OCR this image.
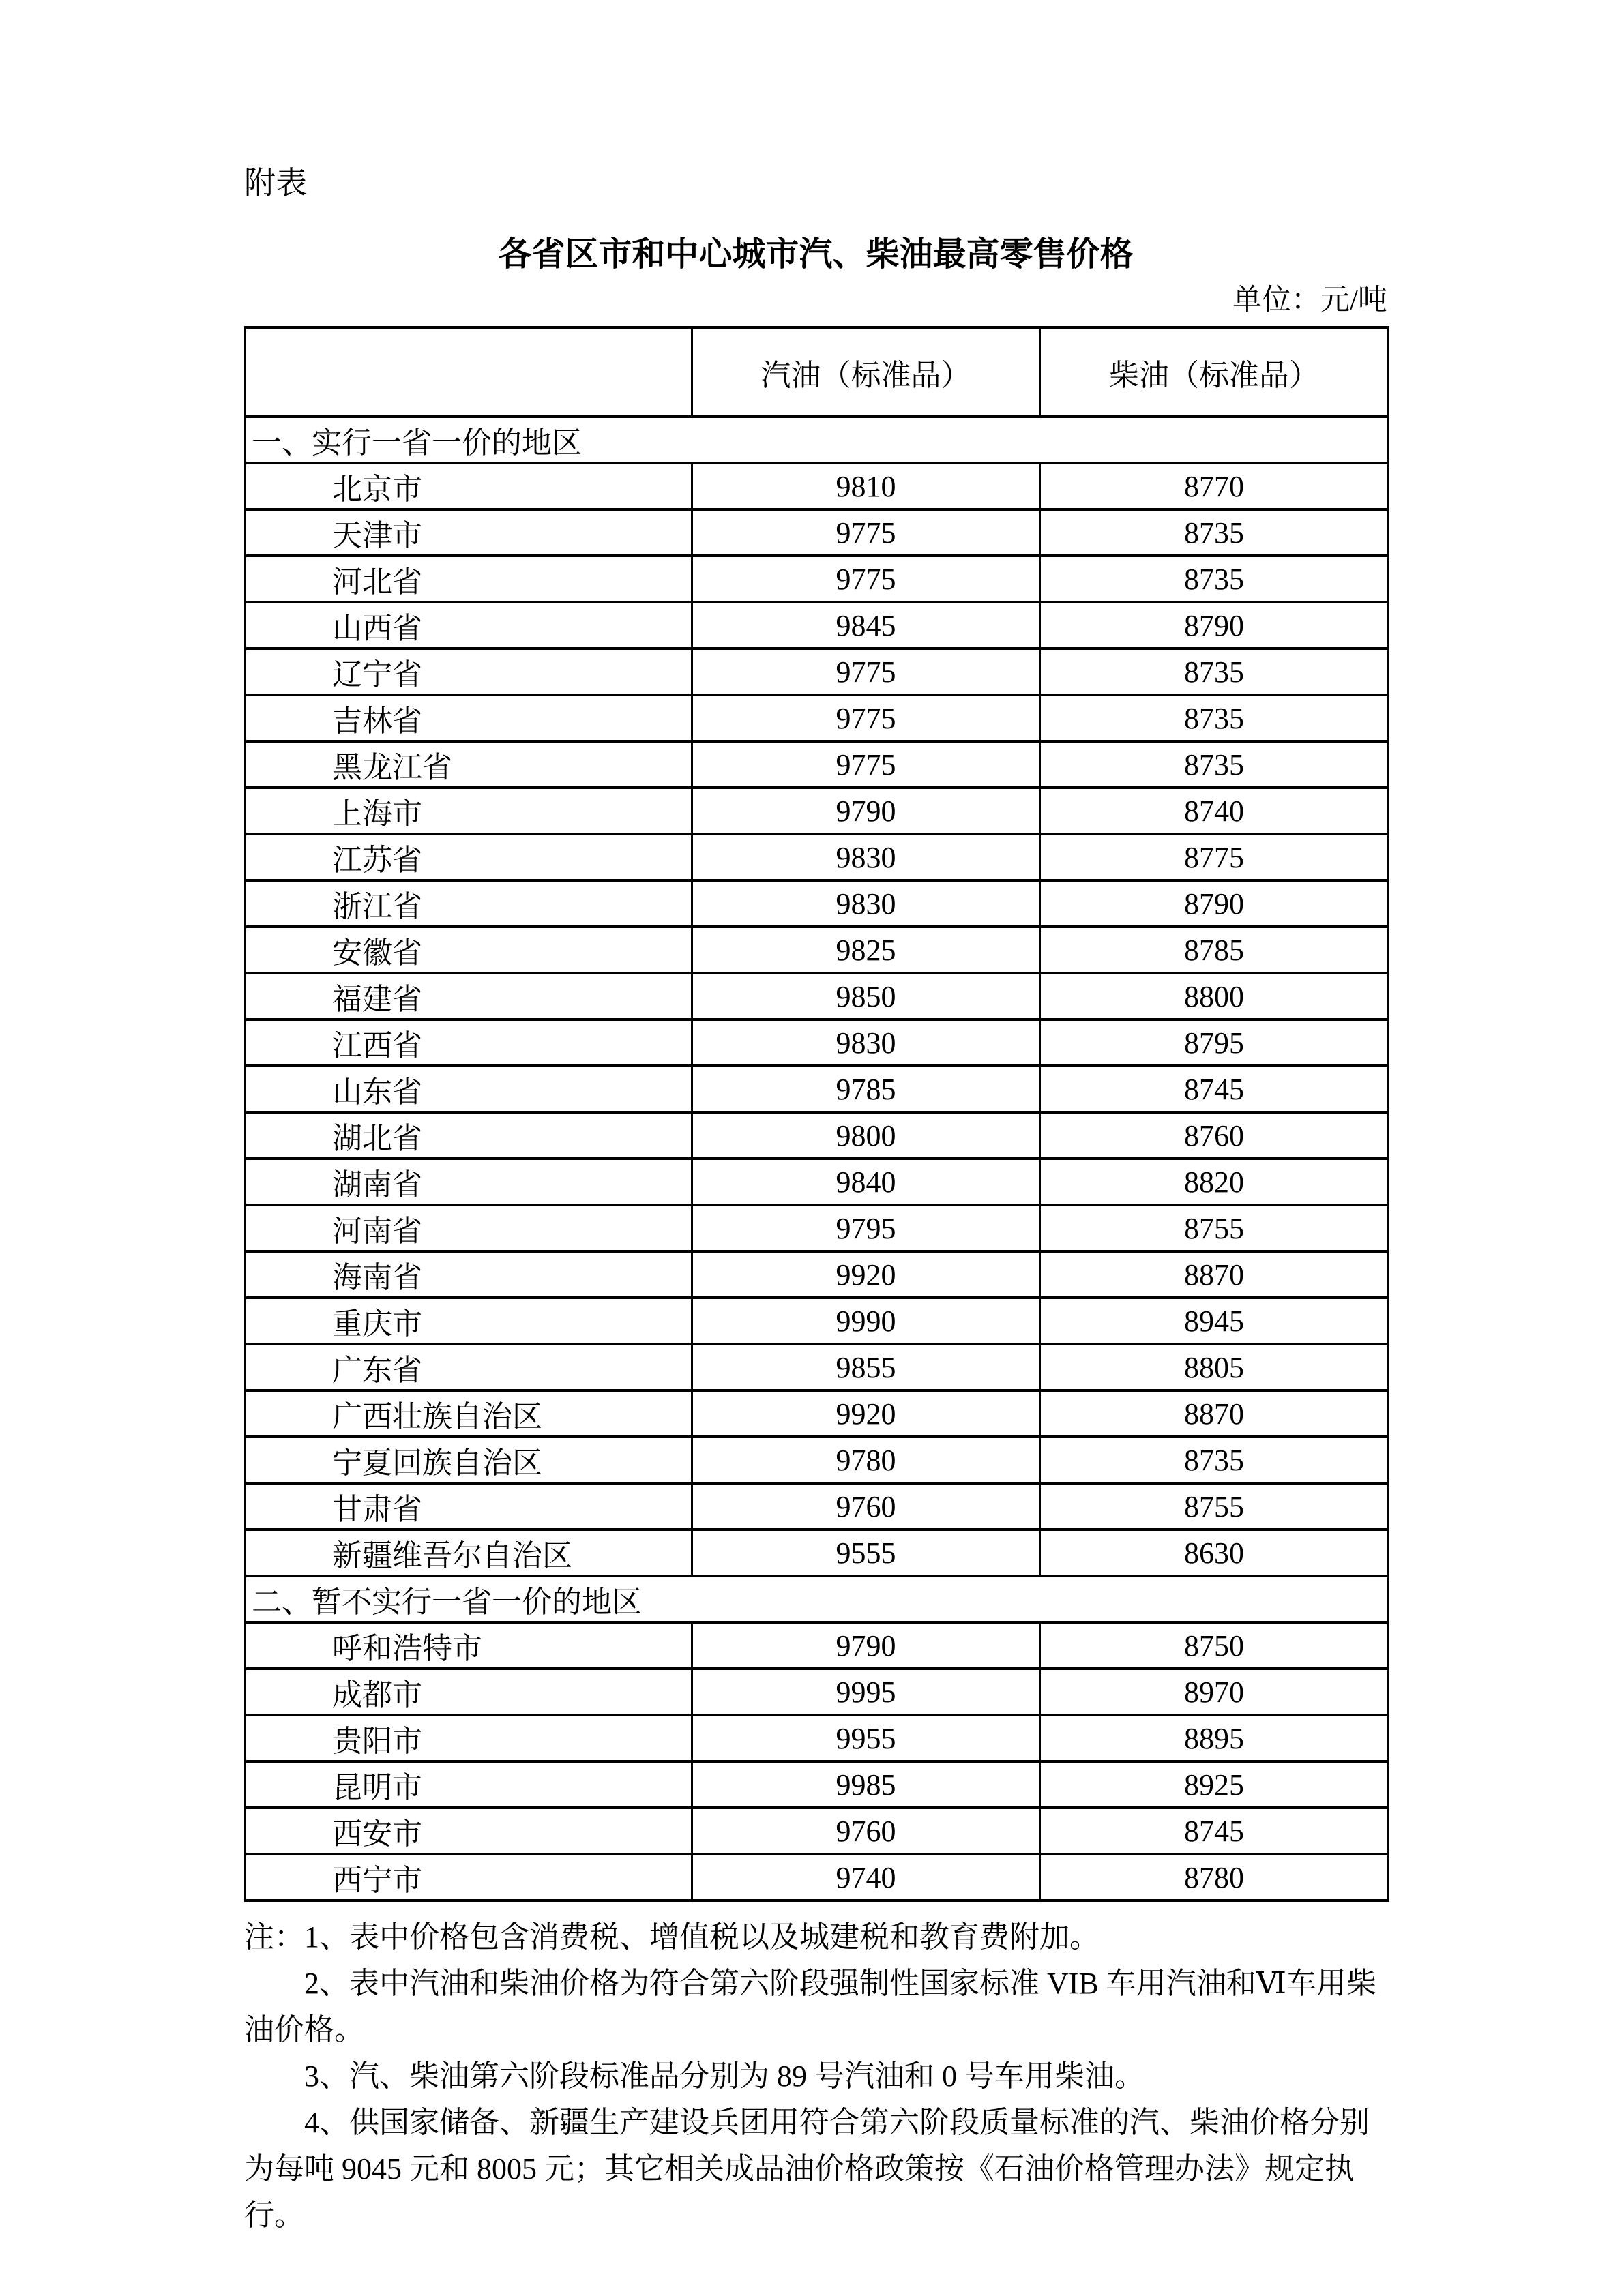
附表
各省区市和中心城市汽、柴油最高零售价格
单位：元/吨
	汽油（标准品）	柴油（标准品）
一、实行一省一价的地区		
北京市	9810	8770
天津市	9775	8735
河北省	9775	8735
山西省	9845	8790
辽宁省	9775	8735
吉林省	9775	8735
黑龙江省	9775	8735
上海市	9790	8740
江苏省	9830	8775
浙江省	9830	8790
安徽省	9825	8785
福建省	9850	8800
江西省	9830	8795
山东省	9785	8745
湖北省	9800	8760
湖南省	9840	8820
河南省	9795	8755
海南省	9920	8870
重庆市	9990	8945
广东省	9855	8805
广西壮族自治区	9920	8870
宁夏回族自治区	9780	8735
甘肃省	9760	8755
新疆维吾尔自治区	9555	8630
二、暂不实行一省一价的地区		
呼和浩特市	9790	8750
成都市	9995	8970
贵阳市	9955	8895
昆明市	9985	8925
西安市	9760	8745
西宁市	9740	8780

注：1、表中价格包含消费税、增值税以及城建税和教育费附加。

2、表中汽油和柴油价格为符合第六阶段强制性国家标准 VIB 车用汽油和Ⅵ车用柴油价格。

3、汽、柴油第六阶段标准品分别为 89 号汽油和 0 号车用柴油。

4、供国家储备、新疆生产建设兵团用符合第六阶段质量标准的汽、柴油价格分别为每吨 9045 元和 8005 元；其它相关成品油价格政策按《石油价格管理办法》规定执行。
